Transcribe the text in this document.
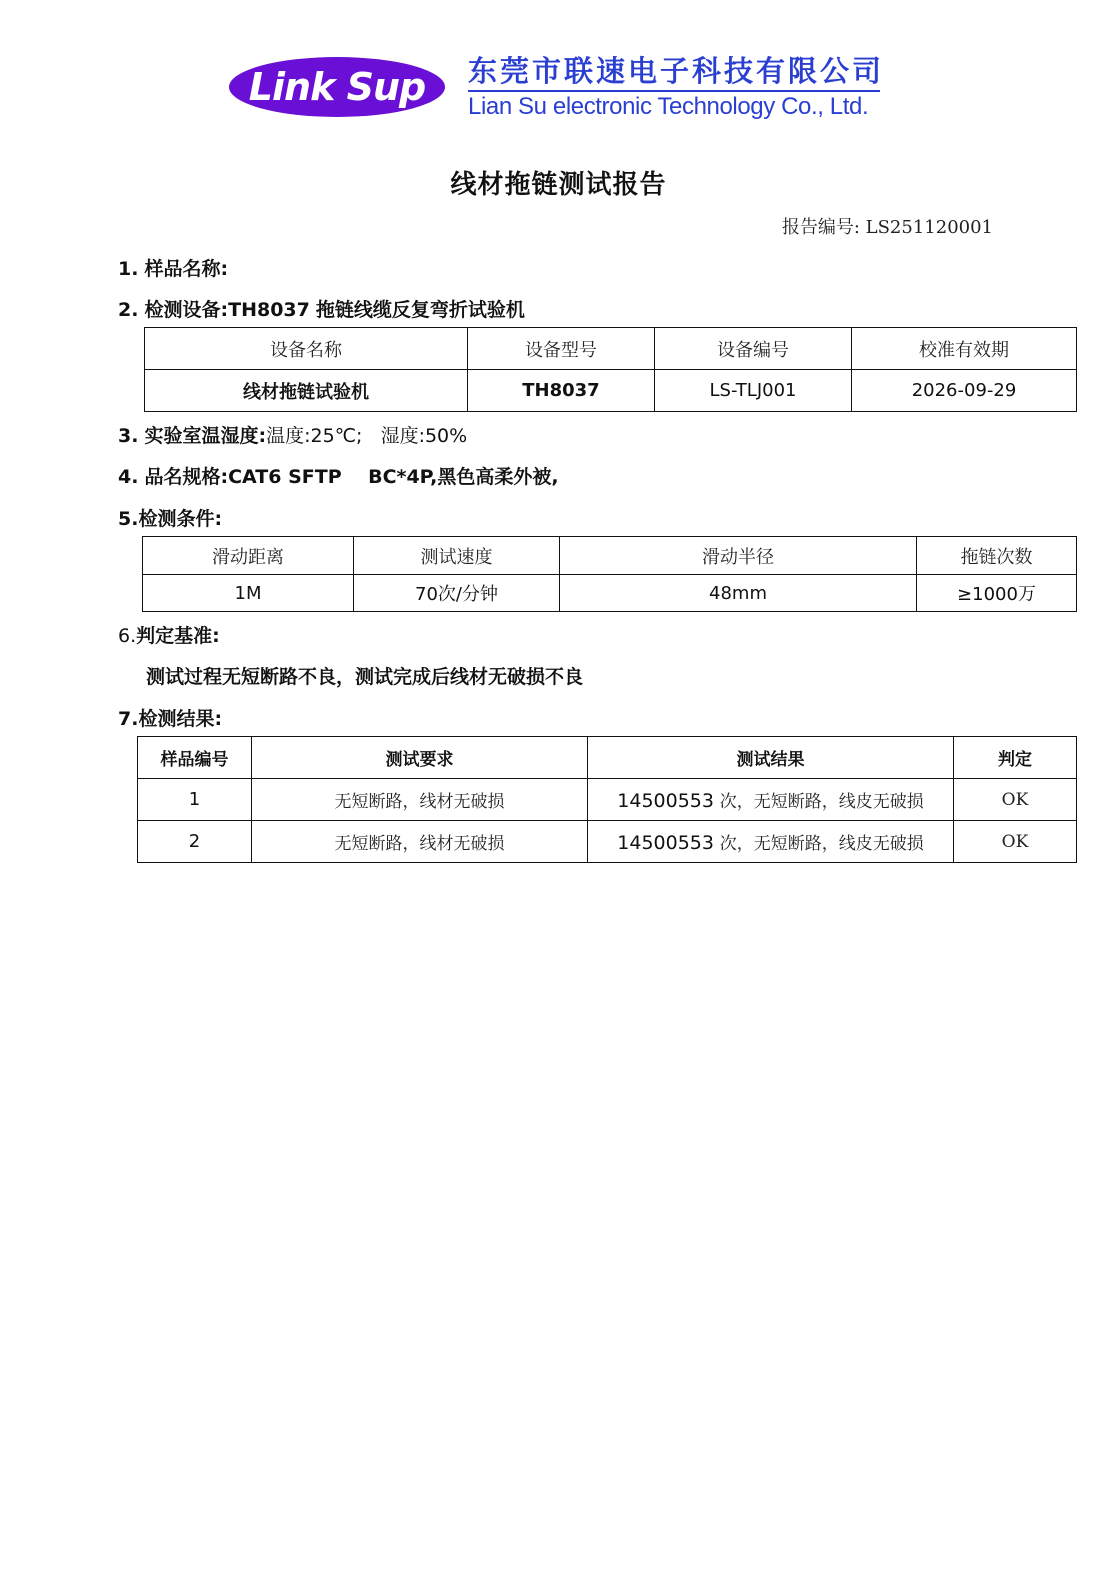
Link Sup 东莞市联速电子科技有限公司
Lian Su electronic Technology Co., Ltd.
线材拖链测试报告
报告编号: LS251120001
1. 样品名称:
2. 检测设备:TH8037 拖链线缆反复弯折试验机
设备名称	设备型号	设备编号	校准有效期
线材拖链试验机	TH8037	LS-TLJ001	2026-09-29
3. 实验室温湿度:温度:25℃; 湿度:50%
4. 品名规格:CAT6 SFTP    BC*4P,黑色高柔外被,
5.检测条件:
滑动距离	测试速度	滑动半径	拖链次数
1M	70次/分钟	48mm	≥1000万
6.判定基准:
测试过程无短断路不良，测试完成后线材无破损不良
7.检测结果:
样品编号	测试要求	测试结果	判定
1	无短断路，线材无破损	14500553 次，无短断路，线皮无破损	OK
2	无短断路，线材无破损	14500553 次，无短断路，线皮无破损	OK
